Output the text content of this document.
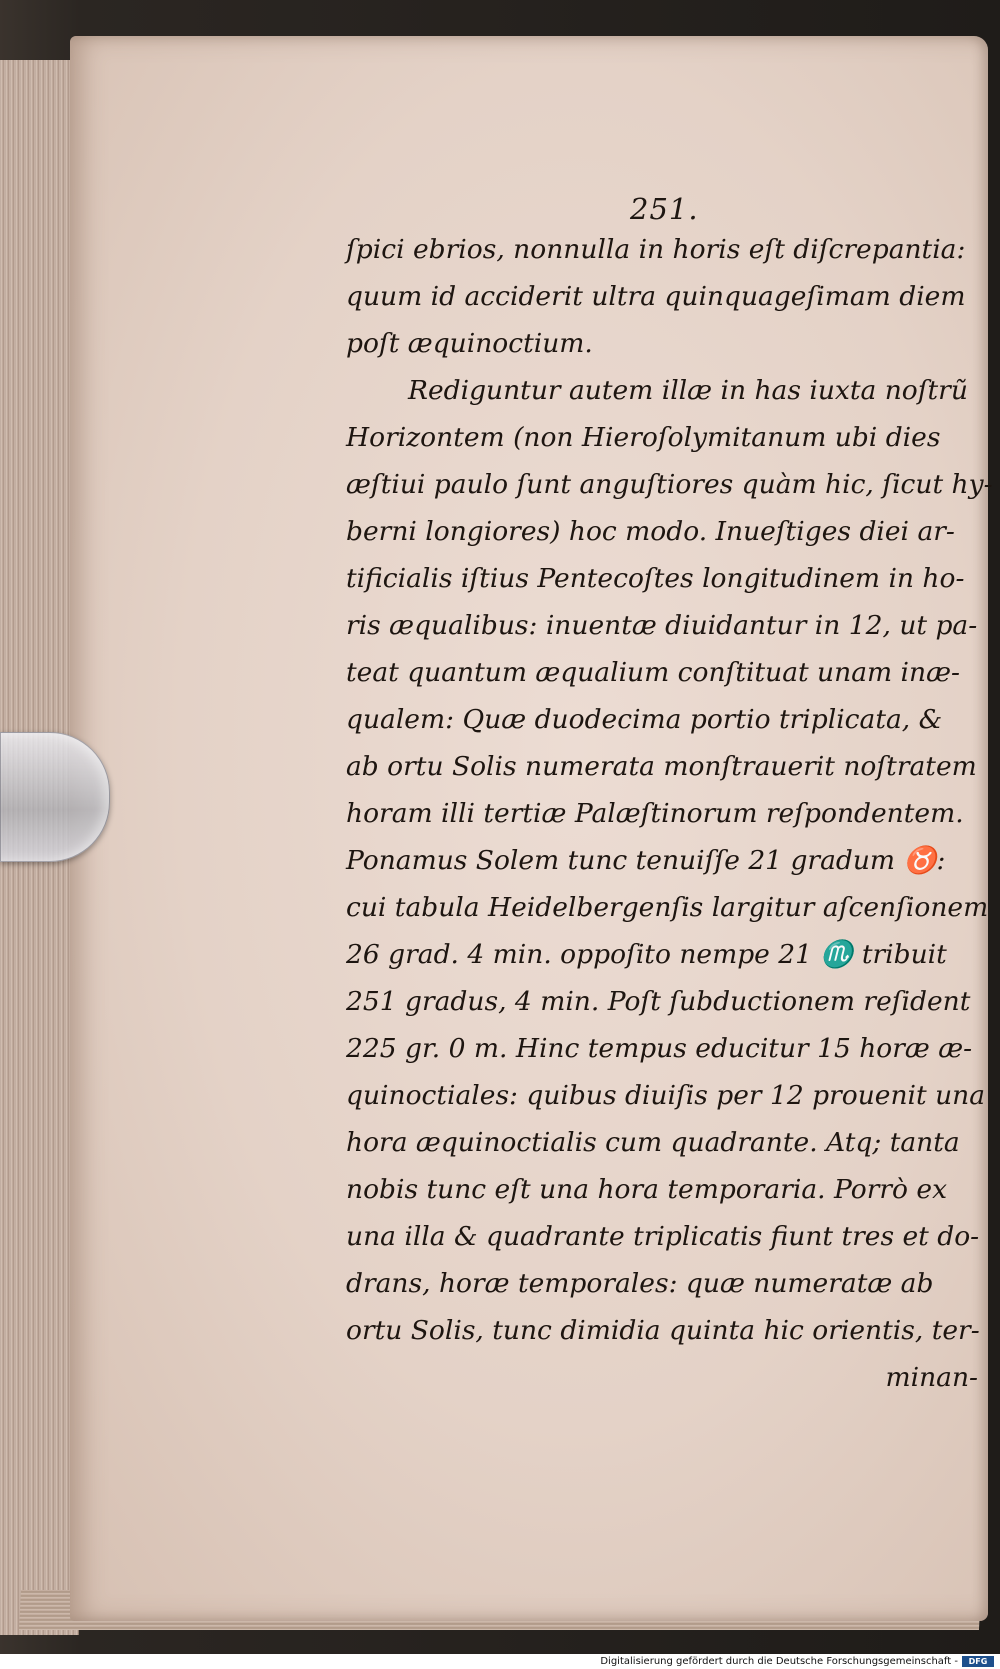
251.
ſpici ebrios, nonnulla in horis eſt diſcrepantia:
quum id acciderit ultra quinquageſimam diem
poſt æquinoctium.
Rediguntur autem illæ in has iuxta noſtrũ
Horizontem (non Hieroſolymitanum ubi dies
æſtiui paulo ſunt anguſtiores quàm hic, ſicut hy-
berni longiores) hoc modo. Inueſtiges diei ar-
tificialis iſtius Pentecoſtes longitudinem in ho-
ris æqualibus: inuentæ diuidantur in 12, ut pa-
teat quantum æqualium conſtituat unam inæ-
qualem: Quæ duodecima portio triplicata, &
ab ortu Solis numerata monſtrauerit noſtratem
horam illi tertiæ Palæſtinorum reſpondentem.
Ponamus Solem tunc tenuiſſe 21 gradum ♉:
cui tabula Heidelbergenſis largitur aſcenſionem
26 grad. 4 min. oppoſito nempe 21 ♏ tribuit
251 gradus, 4 min. Poſt ſubductionem reſident
225 gr. 0 m. Hinc tempus educitur 15 horæ æ-
quinoctiales: quibus diuiſis per 12 prouenit una
hora æquinoctialis cum quadrante. Atq; tanta
nobis tunc eſt una hora temporaria. Porrò ex
una illa & quadrante triplicatis fiunt tres et do-
drans, horæ temporales: quæ numeratæ ab
ortu Solis, tunc dimidia quinta hic orientis, ter-
minan-
Digitalisierung gefördert durch die Deutsche Forschungsgemeinschaft -	DFG
